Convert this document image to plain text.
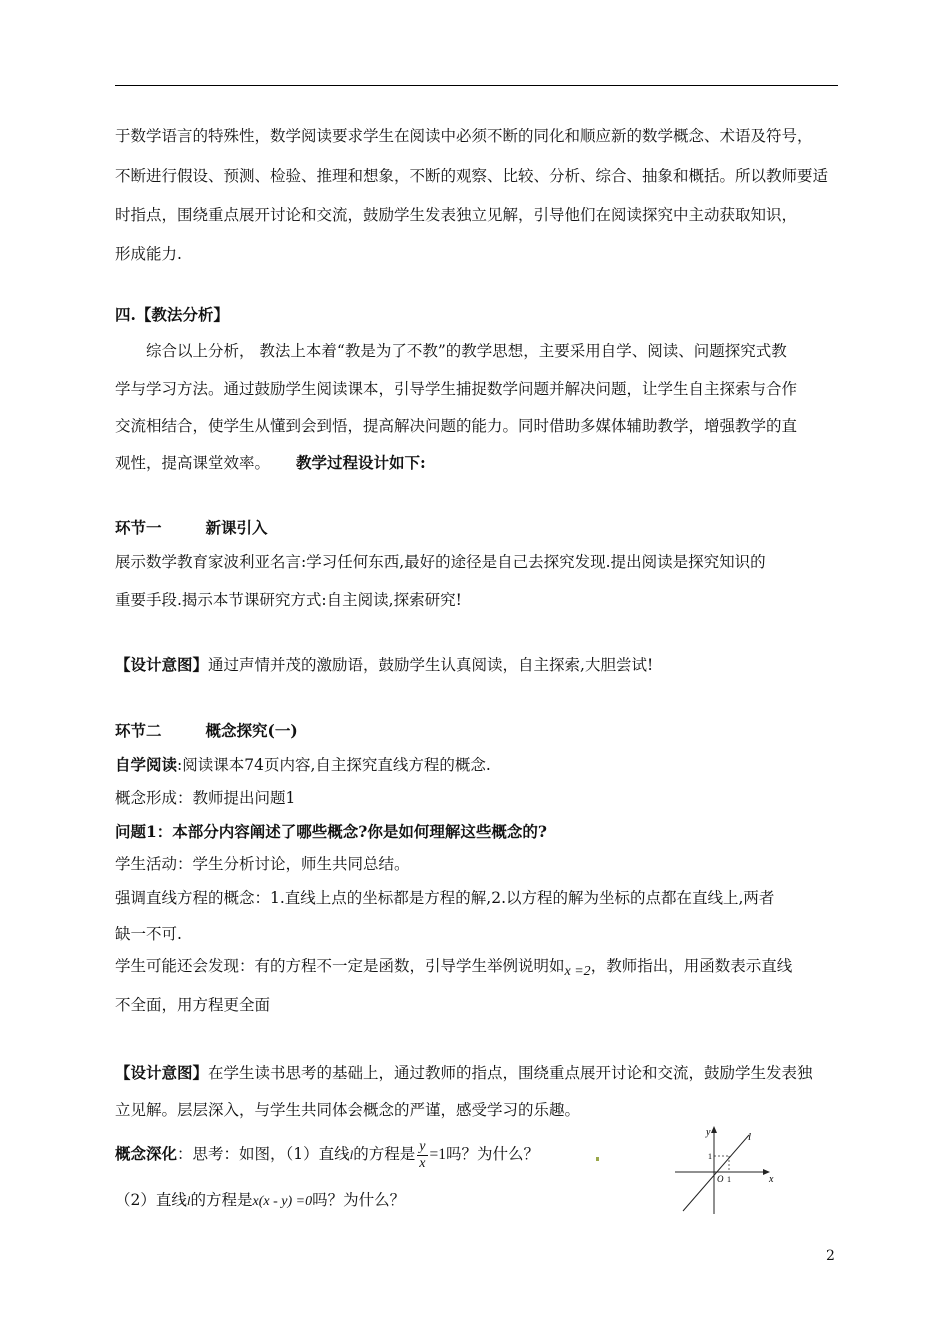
于数学语言的特殊性，数学阅读要求学生在阅读中必须不断的同化和顺应新的数学概念、术语及符号，
不断进行假设、预测、检验、推理和想象，不断的观察、比较、分析、综合、抽象和概括。所以教师要适
时指点，围绕重点展开讨论和交流，鼓励学生发表独立见解，引导他们在阅读探究中主动获取知识，
形成能力.
四.【教法分析】
综合以上分析， 教法上本着“教是为了不教”的教学思想，主要采用自学、阅读、问题探究式教
学与学习方法。通过鼓励学生阅读课本，引导学生捕捉数学问题并解决问题，让学生自主探索与合作
交流相结合，使学生从懂到会到悟，提高解决问题的能力。同时借助多媒体辅助教学，增强教学的直
观性，提高课堂效率。 教学过程设计如下:
环节一	新课引入
展示数学教育家波利亚名言:学习任何东西,最好的途径是自己去探究发现.提出阅读是探究知识的
重要手段.揭示本节课研究方式:自主阅读,探索研究!
【设计意图】通过声情并茂的激励语，鼓励学生认真阅读，自主探索,大胆尝试!
环节二	概念探究(一)
自学阅读:阅读课本74页内容,自主探究直线方程的概念.
概念形成：教师提出问题1
问题1：本部分内容阐述了哪些概念?你是如何理解这些概念的?
学生活动：学生分析讨论，师生共同总结。
强调直线方程的概念：1.直线上点的坐标都是方程的解,2.以方程的解为坐标的点都在直线上,两者
缺一不可.
学生可能还会发现：有的方程不一定是函数，引导学生举例说明如x =2，教师指出，用函数表示直线
不全面，用方程更全面
【设计意图】在学生读书思考的基础上，通过教师的指点，围绕重点展开讨论和交流，鼓励学生发表独
立见解。层层深入，与学生共同体会概念的严谨，感受学习的乐趣。
概念深化：思考：如图，（1）直线l的方程是 $\frac{y}{x} =1$吗？为什么？
（2）直线l的方程是x(x - y) =0吗？为什么？
y
x
l
1
O 1
2
